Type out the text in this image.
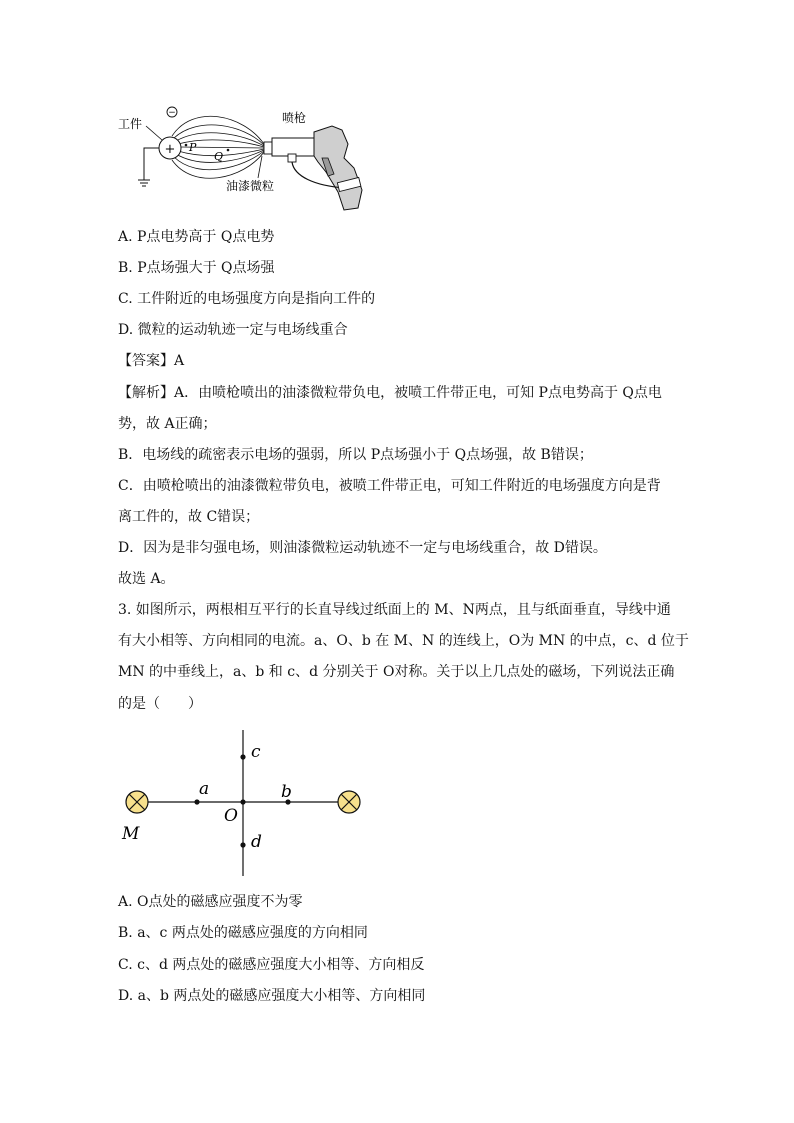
−
+
工件
P
Q
喷枪
油漆微粒
A. P点电势高于 Q点电势
B. P点场强大于 Q点场强
C. 工件附近的电场强度方向是指向工件的
D. 微粒的运动轨迹一定与电场线重合
【答案】A
【解析】A．由喷枪喷出的油漆微粒带负电，被喷工件带正电，可知 P点电势高于 Q点电
势，故 A正确；
B．电场线的疏密表示电场的强弱，所以 P点场强小于 Q点场强，故 B错误；
C．由喷枪喷出的油漆微粒带负电，被喷工件带正电，可知工件附近的电场强度方向是背
离工件的，故 C错误；
D．因为是非匀强电场，则油漆微粒运动轨迹不一定与电场线重合，故 D错误。
故选 A。
3. 如图所示，两根相互平行的长直导线过纸面上的 M、N两点，且与纸面垂直，导线中通
有大小相等、方向相同的电流。a、O、b 在 M、N 的连线上，O为 MN 的中点，c、d 位于
MN 的中垂线上，a、b 和 c、d 分别关于 O对称。关于以上几点处的磁场，下列说法正确
的是（　　）
c
a	b
O
d
M
A. O点处的磁感应强度不为零
B. a、c 两点处的磁感应强度的方向相同
C. c、d 两点处的磁感应强度大小相等、方向相反
D. a、b 两点处的磁感应强度大小相等、方向相同
